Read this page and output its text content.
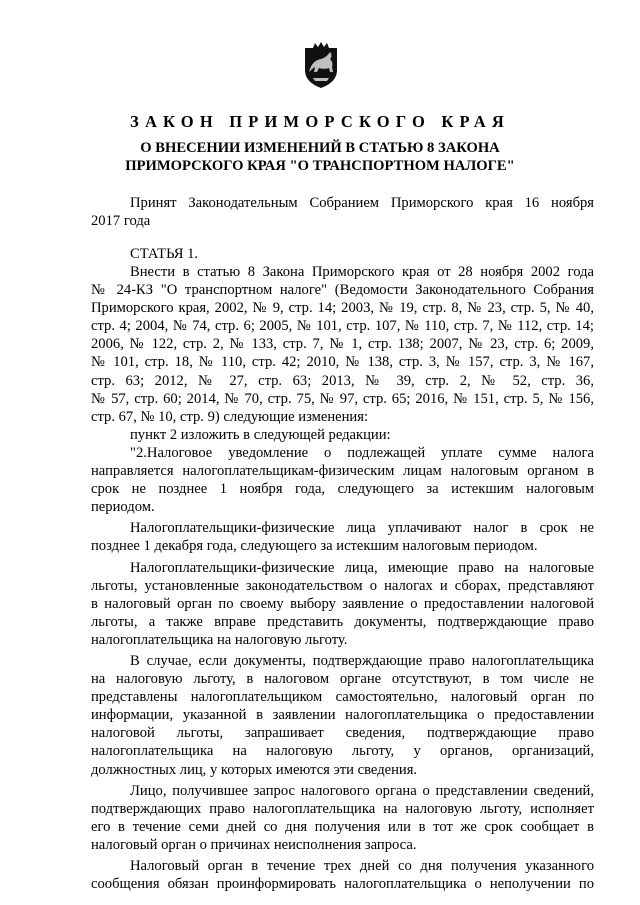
ЗАКОН ПРИМОРСКОГО КРАЯ
О ВНЕСЕНИИ ИЗМЕНЕНИЙ В СТАТЬЮ 8 ЗАКОНА
ПРИМОРСКОГО КРАЯ "О ТРАНСПОРТНОМ НАЛОГЕ"
Принят Законодательным Собранием Приморского края 16 ноября
2017 года
СТАТЬЯ 1.
Внести в статью 8 Закона Приморского края от 28 ноября 2002 года
№ 24-КЗ "О транспортном налоге" (Ведомости Законодательного Собрания
Приморского края, 2002, № 9, стр. 14; 2003, № 19, стр. 8, № 23, стр. 5, № 40,
стр. 4; 2004, № 74, стр. 6; 2005, № 101, стр. 107, № 110, стр. 7, № 112, стр. 14;
2006, № 122, стр. 2, № 133, стр. 7, № 1, стр. 138; 2007, № 23, стр. 6; 2009,
№ 101, стр. 18, № 110, стр. 42; 2010, № 138, стр. 3, № 157, стр. 3, № 167,
стр. 63; 2012, № 27, стр. 63; 2013, № 39, стр. 2, № 52, стр. 36,
№ 57, стр. 60; 2014, № 70, стр. 75, № 97, стр. 65; 2016, № 151, стр. 5, № 156,
стр. 67, № 10, стр. 9) следующие изменения:
пункт 2 изложить в следующей редакции:
"2.Налоговое уведомление о подлежащей уплате сумме налога
направляется налогоплательщикам-физическим лицам налоговым органом в
срок не позднее 1 ноября года, следующего за истекшим налоговым
периодом.
Налогоплательщики-физические лица уплачивают налог в срок не
позднее 1 декабря года, следующего за истекшим налоговым периодом.
Налогоплательщики-физические лица, имеющие право на налоговые
льготы, установленные законодательством о налогах и сборах, представляют
в налоговый орган по своему выбору заявление о предоставлении налоговой
льготы, а также вправе представить документы, подтверждающие право
налогоплательщика на налоговую льготу.
В случае, если документы, подтверждающие право налогоплательщика
на налоговую льготу, в налоговом органе отсутствуют, в том числе не
представлены налогоплательщиком самостоятельно, налоговый орган по
информации, указанной в заявлении налогоплательщика о предоставлении
налоговой льготы, запрашивает сведения, подтверждающие право
налогоплательщика на налоговую льготу, у органов, организаций,
должностных лиц, у которых имеются эти сведения.
Лицо, получившее запрос налогового органа о представлении сведений,
подтверждающих право налогоплательщика на налоговую льготу, исполняет
его в течение семи дней со дня получения или в тот же срок сообщает в
налоговый орган о причинах неисполнения запроса.
Налоговый орган в течение трех дней со дня получения указанного
сообщения обязан проинформировать налогоплательщика о неполучении по
